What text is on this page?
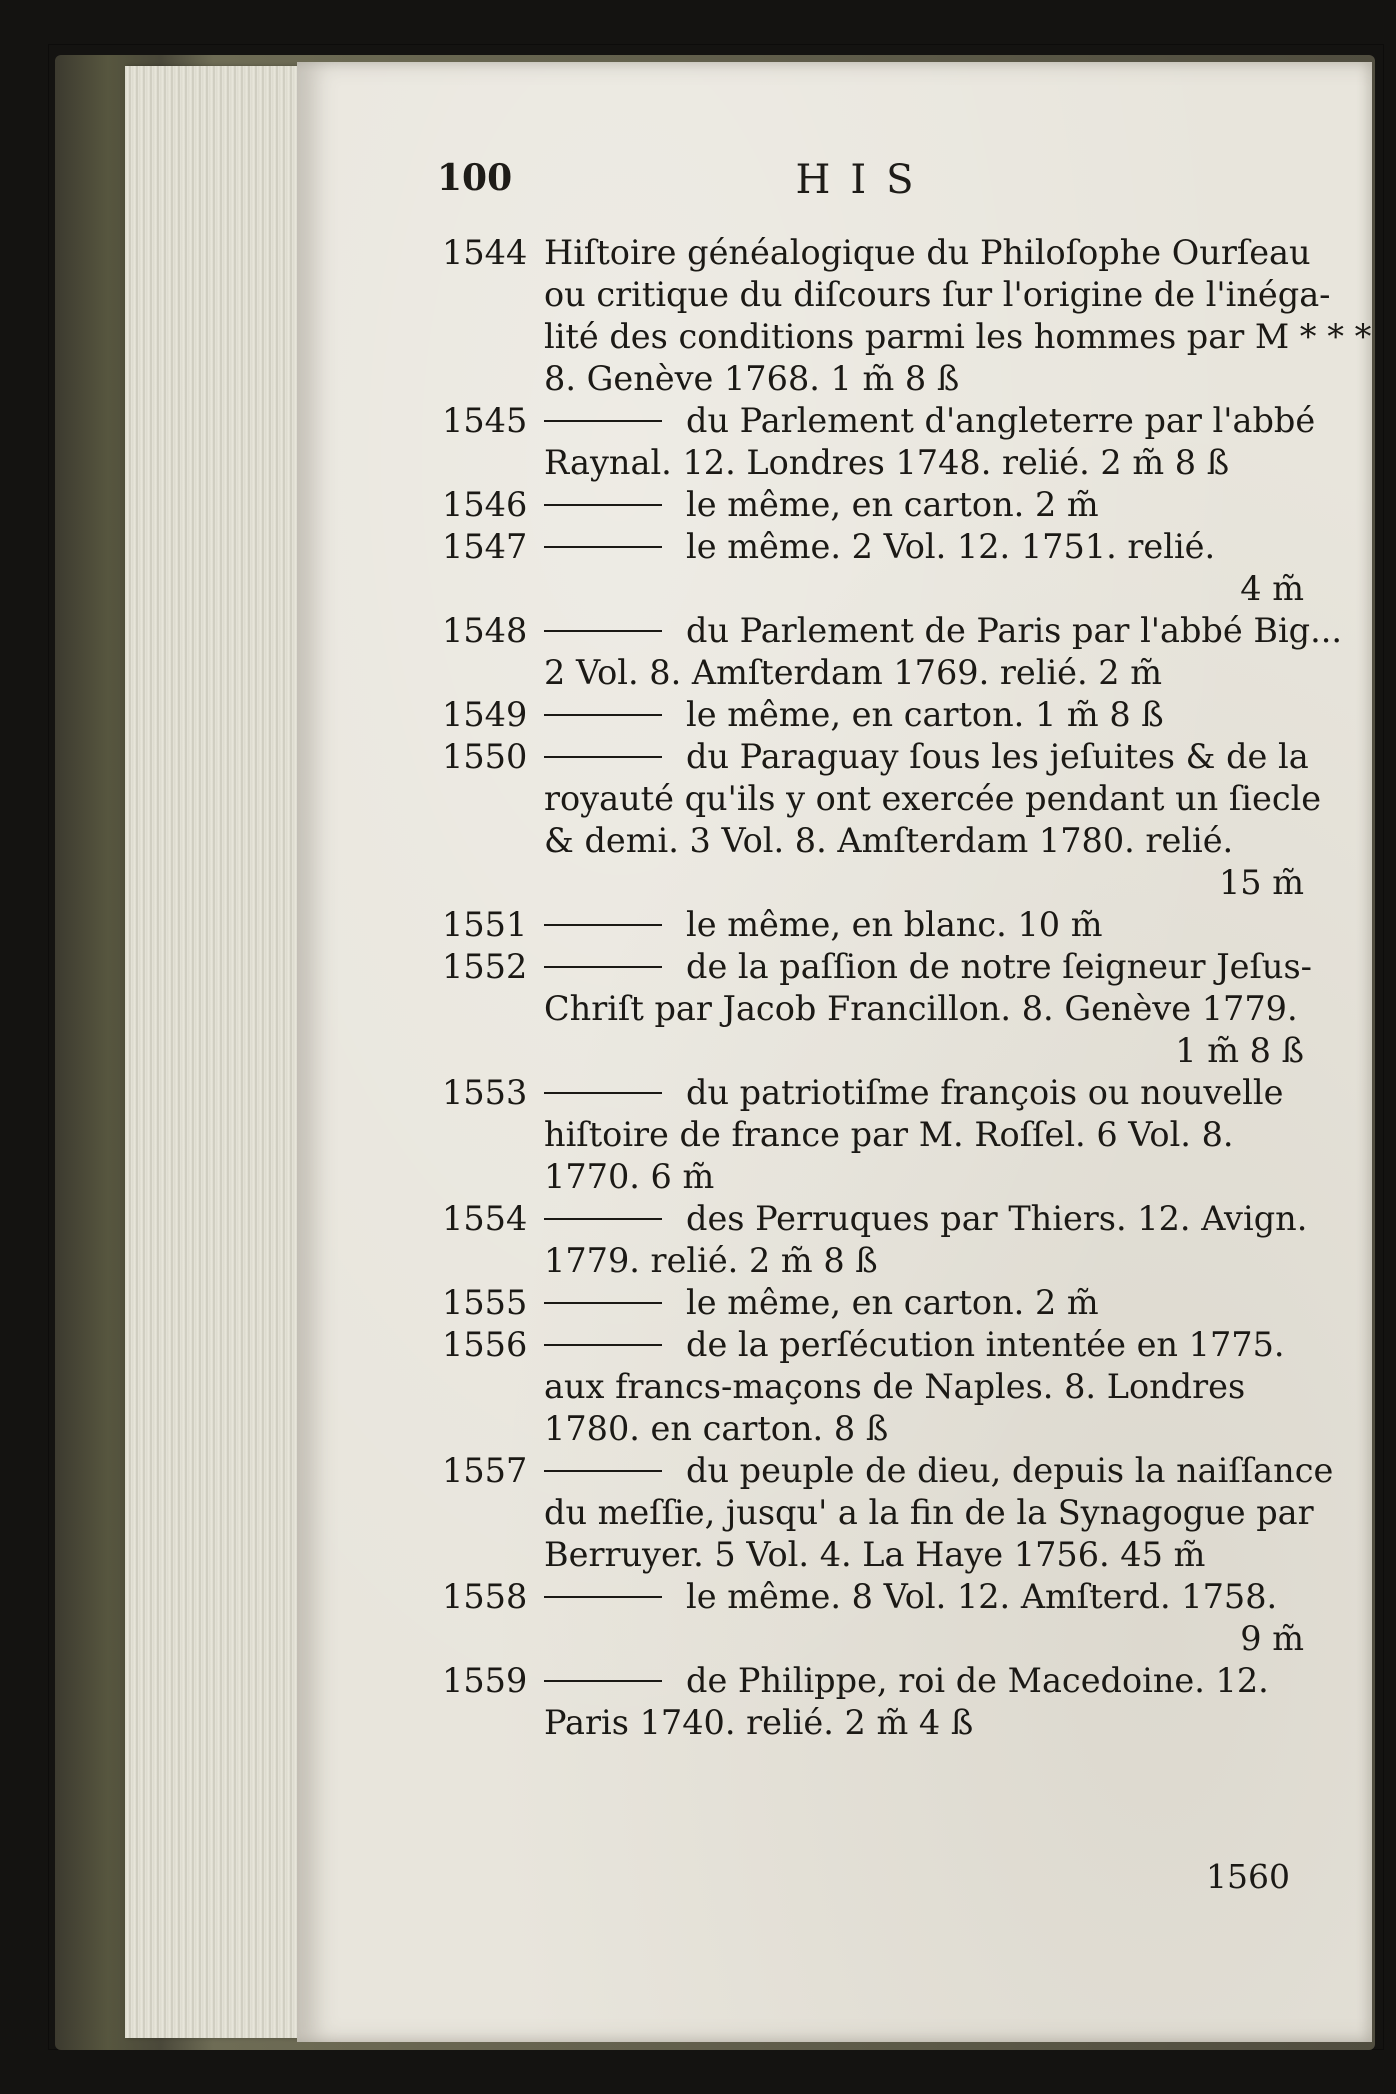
100	HIS
1544 Hiſtoire généalogique du Philoſophe Ourſeau
ou critique du diſcours ſur l'origine de l'inéga-
lité des conditions parmi les hommes par M * * *
8. Genève 1768. 1 m̃ 8 ß
1545	du Parlement d'angleterre par l'abbé
Raynal. 12. Londres 1748. relié. 2 m̃ 8 ß
1546	le même, en carton. 2 m̃
1547	le même. 2 Vol. 12. 1751. relié.
4 m̃
1548	du Parlement de Paris par l'abbé Big...
2 Vol. 8. Amſterdam 1769. relié. 2 m̃
1549	le même, en carton. 1 m̃ 8 ß
1550	du Paraguay ſous les jeſuites & de la
royauté qu'ils y ont exercée pendant un ſiecle
& demi. 3 Vol. 8. Amſterdam 1780. relié.
15 m̃
1551	le même, en blanc. 10 m̃
1552	de la paſſion de notre ſeigneur Jeſus-
Chriſt par Jacob Francillon. 8. Genève 1779.
1 m̃ 8 ß
1553	du patriotiſme françois ou nouvelle
hiſtoire de france par M. Roſſel. 6 Vol. 8.
1770. 6 m̃
1554	des Perruques par Thiers. 12. Avign.
1779. relié. 2 m̃ 8 ß
1555	le même, en carton. 2 m̃
1556	de la perſécution intentée en 1775.
aux francs-maçons de Naples. 8. Londres
1780. en carton. 8 ß
1557	du peuple de dieu, depuis la naiſſance
du meſſie, jusqu' a la fin de la Synagogue par
Berruyer. 5 Vol. 4. La Haye 1756. 45 m̃
1558	le même. 8 Vol. 12. Amſterd. 1758.
9 m̃
1559	de Philippe, roi de Macedoine. 12.
Paris 1740. relié. 2 m̃ 4 ß
1560
